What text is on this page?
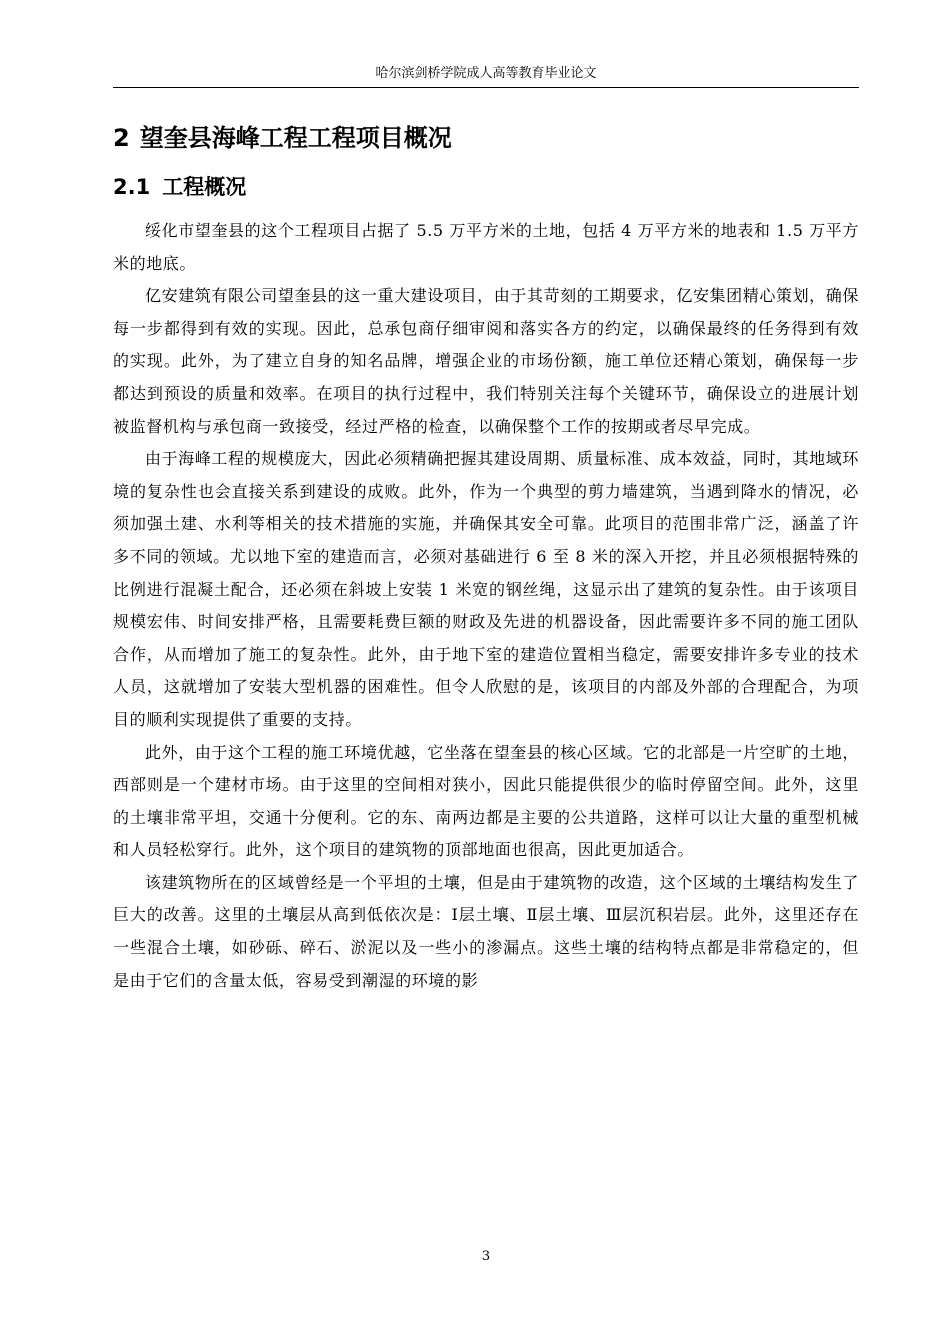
哈尔滨剑桥学院成人高等教育毕业论文
2 望奎县海峰工程工程项目概况
2.1 工程概况

绥化市望奎县的这个工程项目占据了 5.5 万平方米的土地，包括 4 万平方米的地表和 1.5 万平方米的地底。

亿安建筑有限公司望奎县的这一重大建设项目，由于其苛刻的工期要求，亿安集团精心策划，确保每一步都得到有效的实现。因此，总承包商仔细审阅和落实各方的约定，以确保最终的任务得到有效的实现。此外，为了建立自身的知名品牌，增强企业的市场份额，施工单位还精心策划，确保每一步都达到预设的质量和效率。在项目的执行过程中，我们特别关注每个关键环节，确保设立的进展计划被监督机构与承包商一致接受，经过严格的检查，以确保整个工作的按期或者尽早完成。

由于海峰工程的规模庞大，因此必须精确把握其建设周期、质量标准、成本效益，同时，其地域环境的复杂性也会直接关系到建设的成败。此外，作为一个典型的剪力墙建筑，当遇到降水的情况，必须加强土建、水利等相关的技术措施的实施，并确保其安全可靠。此项目的范围非常广泛，涵盖了许多不同的领域。尤以地下室的建造而言，必须对基础进行 6 至 8 米的深入开挖，并且必须根据特殊的比例进行混凝土配合，还必须在斜坡上安装 1 米宽的钢丝绳，这显示出了建筑的复杂性。由于该项目规模宏伟、时间安排严格，且需要耗费巨额的财政及先进的机器设备，因此需要许多不同的施工团队合作，从而增加了施工的复杂性。此外，由于地下室的建造位置相当稳定，需要安排许多专业的技术人员，这就增加了安装大型机器的困难性。但令人欣慰的是，该项目的内部及外部的合理配合，为项目的顺利实现提供了重要的支持。

此外，由于这个工程的施工环境优越，它坐落在望奎县的核心区域。它的北部是一片空旷的土地，西部则是一个建材市场。由于这里的空间相对狭小，因此只能提供很少的临时停留空间。此外，这里的土壤非常平坦，交通十分便利。它的东、南两边都是主要的公共道路，这样可以让大量的重型机械和人员轻松穿行。此外，这个项目的建筑物的顶部地面也很高，因此更加适合。

该建筑物所在的区域曾经是一个平坦的土壤，但是由于建筑物的改造，这个区域的土壤结构发生了巨大的改善。这里的土壤层从高到低依次是：Ⅰ层土壤、Ⅱ层土壤、Ⅲ层沉积岩层。此外，这里还存在一些混合土壤，如砂砾、碎石、淤泥以及一些小的渗漏点。这些土壤的结构特点都是非常稳定的，但是由于它们的含量太低，容易受到潮湿的环境的影

3
